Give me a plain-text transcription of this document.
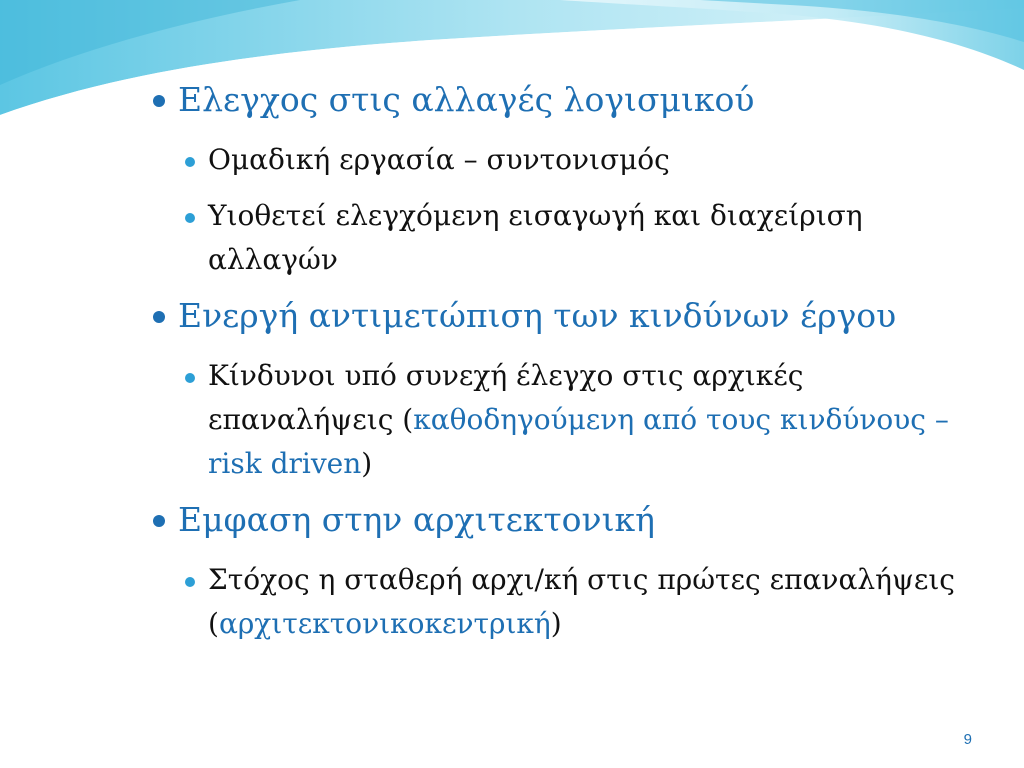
Ελεγχος στις αλλαγές λογισμικού
Ομαδική εργασία – συντονισμός
Υιοθετεί ελεγχόμενη εισαγωγή και διαχείριση αλλαγών
Ενεργή αντιμετώπιση των κινδύνων έργου
Κίνδυνοι υπό συνεχή έλεγχο στις αρχικές επαναλήψεις (καθοδηγούμενη από τους κινδύνους – risk driven)
Εμφαση στην αρχιτεκτονική
Στόχος η σταθερή αρχι/κή στις πρώτες επαναλήψεις (αρχιτεκτονικοκεντρική)
9
